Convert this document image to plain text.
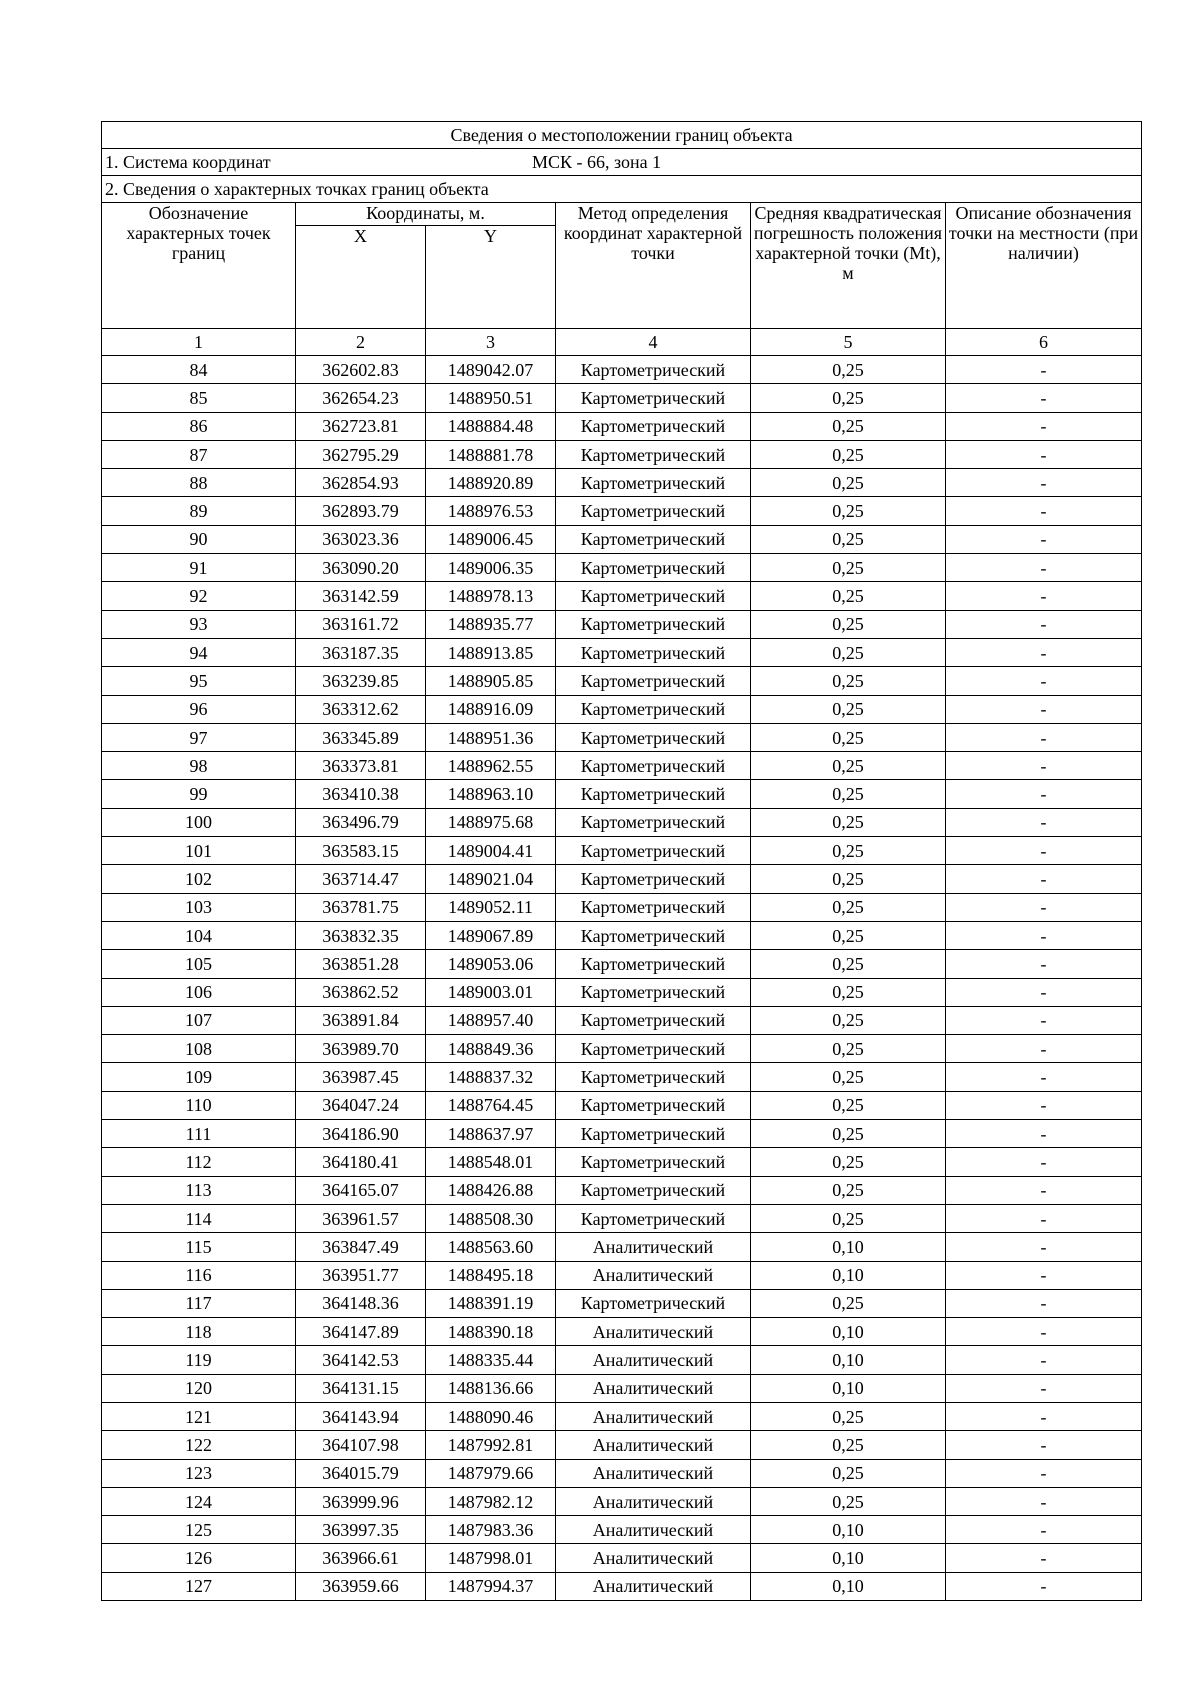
Сведения о местоположении границ объекта					
1. Система координат МСК - 66, зона 1					

2. Сведения о характерных точках границ объекта					
Обозначение характерных точек границ	Координаты, м.		Метод определения координат характерной точки	Средняя квадратическая погрешность положения характерной точки (Mt), м	Описание обозначения точки на местности (при наличии)
	X	Y			
1	2	3	4	5	6
84	362602.83	1489042.07	Картометрический	0,25	-
85	362654.23	1488950.51	Картометрический	0,25	-
86	362723.81	1488884.48	Картометрический	0,25	-
87	362795.29	1488881.78	Картометрический	0,25	-
88	362854.93	1488920.89	Картометрический	0,25	-
89	362893.79	1488976.53	Картометрический	0,25	-
90	363023.36	1489006.45	Картометрический	0,25	-
91	363090.20	1489006.35	Картометрический	0,25	-
92	363142.59	1488978.13	Картометрический	0,25	-
93	363161.72	1488935.77	Картометрический	0,25	-
94	363187.35	1488913.85	Картометрический	0,25	-
95	363239.85	1488905.85	Картометрический	0,25	-
96	363312.62	1488916.09	Картометрический	0,25	-
97	363345.89	1488951.36	Картометрический	0,25	-
98	363373.81	1488962.55	Картометрический	0,25	-
99	363410.38	1488963.10	Картометрический	0,25	-
100	363496.79	1488975.68	Картометрический	0,25	-
101	363583.15	1489004.41	Картометрический	0,25	-
102	363714.47	1489021.04	Картометрический	0,25	-
103	363781.75	1489052.11	Картометрический	0,25	-
104	363832.35	1489067.89	Картометрический	0,25	-
105	363851.28	1489053.06	Картометрический	0,25	-
106	363862.52	1489003.01	Картометрический	0,25	-
107	363891.84	1488957.40	Картометрический	0,25	-
108	363989.70	1488849.36	Картометрический	0,25	-
109	363987.45	1488837.32	Картометрический	0,25	-
110	364047.24	1488764.45	Картометрический	0,25	-
111	364186.90	1488637.97	Картометрический	0,25	-
112	364180.41	1488548.01	Картометрический	0,25	-
113	364165.07	1488426.88	Картометрический	0,25	-
114	363961.57	1488508.30	Картометрический	0,25	-
115	363847.49	1488563.60	Аналитический	0,10	-
116	363951.77	1488495.18	Аналитический	0,10	-
117	364148.36	1488391.19	Картометрический	0,25	-
118	364147.89	1488390.18	Аналитический	0,10	-
119	364142.53	1488335.44	Аналитический	0,10	-
120	364131.15	1488136.66	Аналитический	0,10	-
121	364143.94	1488090.46	Аналитический	0,25	-
122	364107.98	1487992.81	Аналитический	0,25	-
123	364015.79	1487979.66	Аналитический	0,25	-
124	363999.96	1487982.12	Аналитический	0,25	-
125	363997.35	1487983.36	Аналитический	0,10	-
126	363966.61	1487998.01	Аналитический	0,10	-
127	363959.66	1487994.37	Аналитический	0,10	-
